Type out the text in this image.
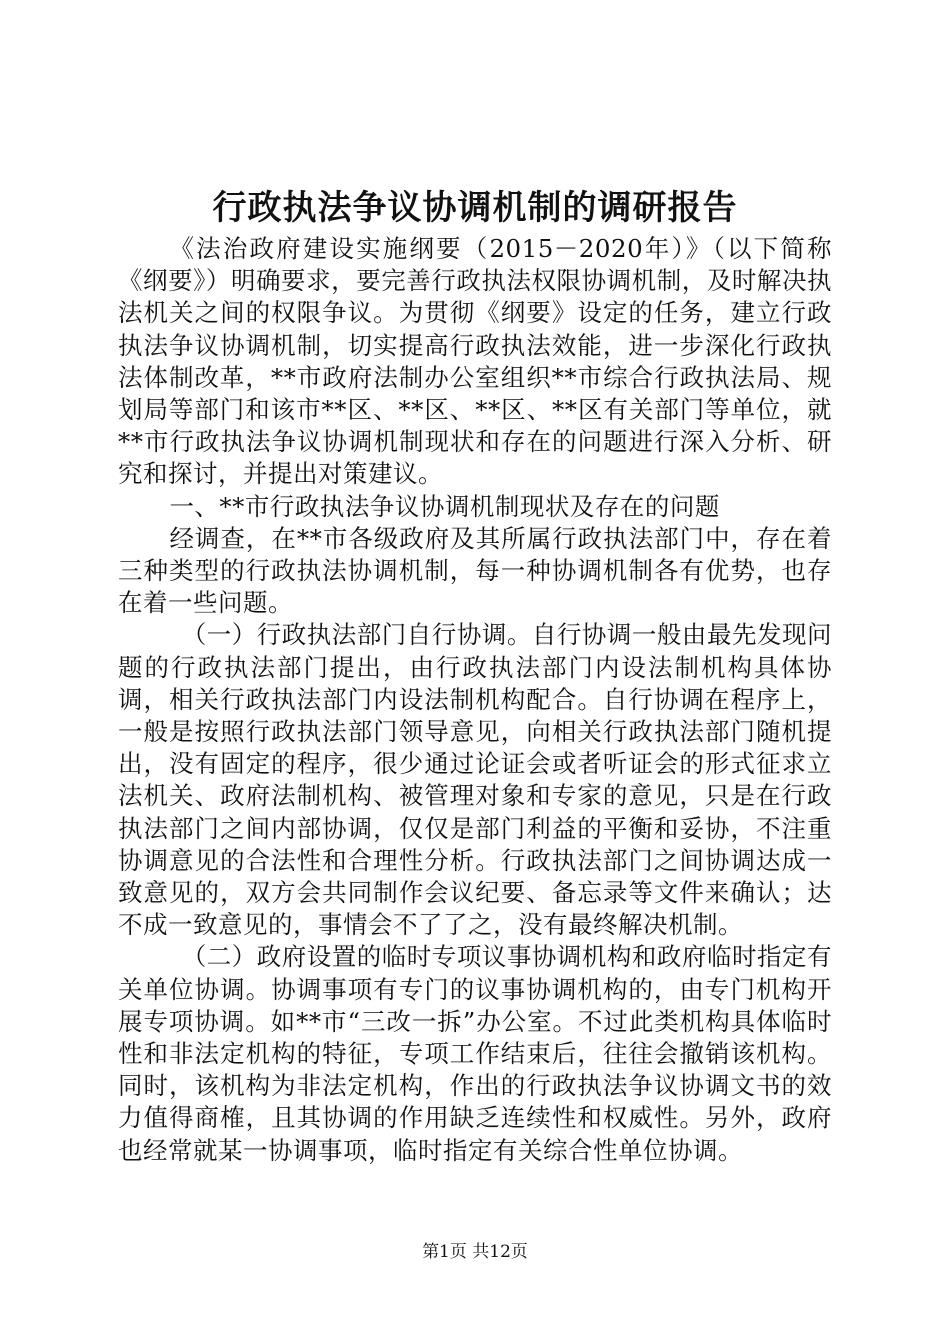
行政执法争议协调机制的调研报告

《法治政府建设实施纲要（2015－2020年）》（以下简称《纲要》）明确要求，要完善行政执法权限协调机制，及时解决执法机关之间的权限争议。为贯彻《纲要》设定的任务，建立行政执法争议协调机制，切实提高行政执法效能，进一步深化行政执法体制改革，**市政府法制办公室组织**市综合行政执法局、规划局等部门和该市**区、**区、**区、**区有关部门等单位，就**市行政执法争议协调机制现状和存在的问题进行深入分析、研究和探讨，并提出对策建议。

一、**市行政执法争议协调机制现状及存在的问题

经调查，在**市各级政府及其所属行政执法部门中，存在着三种类型的行政执法协调机制，每一种协调机制各有优势，也存在着一些问题。

（一）行政执法部门自行协调。自行协调一般由最先发现问题的行政执法部门提出，由行政执法部门内设法制机构具体协调，相关行政执法部门内设法制机构配合。自行协调在程序上，一般是按照行政执法部门领导意见，向相关行政执法部门随机提出，没有固定的程序，很少通过论证会或者听证会的形式征求立法机关、政府法制机构、被管理对象和专家的意见，只是在行政执法部门之间内部协调，仅仅是部门利益的平衡和妥协，不注重协调意见的合法性和合理性分析。行政执法部门之间协调达成一致意见的，双方会共同制作会议纪要、备忘录等文件来确认；达不成一致意见的，事情会不了了之，没有最终解决机制。

（二）政府设置的临时专项议事协调机构和政府临时指定有关单位协调。协调事项有专门的议事协调机构的，由专门机构开展专项协调。如**市“三改一拆”办公室。不过此类机构具体临时性和非法定机构的特征，专项工作结束后，往往会撤销该机构。同时，该机构为非法定机构，作出的行政执法争议协调文书的效力值得商榷，且其协调的作用缺乏连续性和权威性。另外，政府也经常就某一协调事项，临时指定有关综合性单位协调。

第1页 共12页
